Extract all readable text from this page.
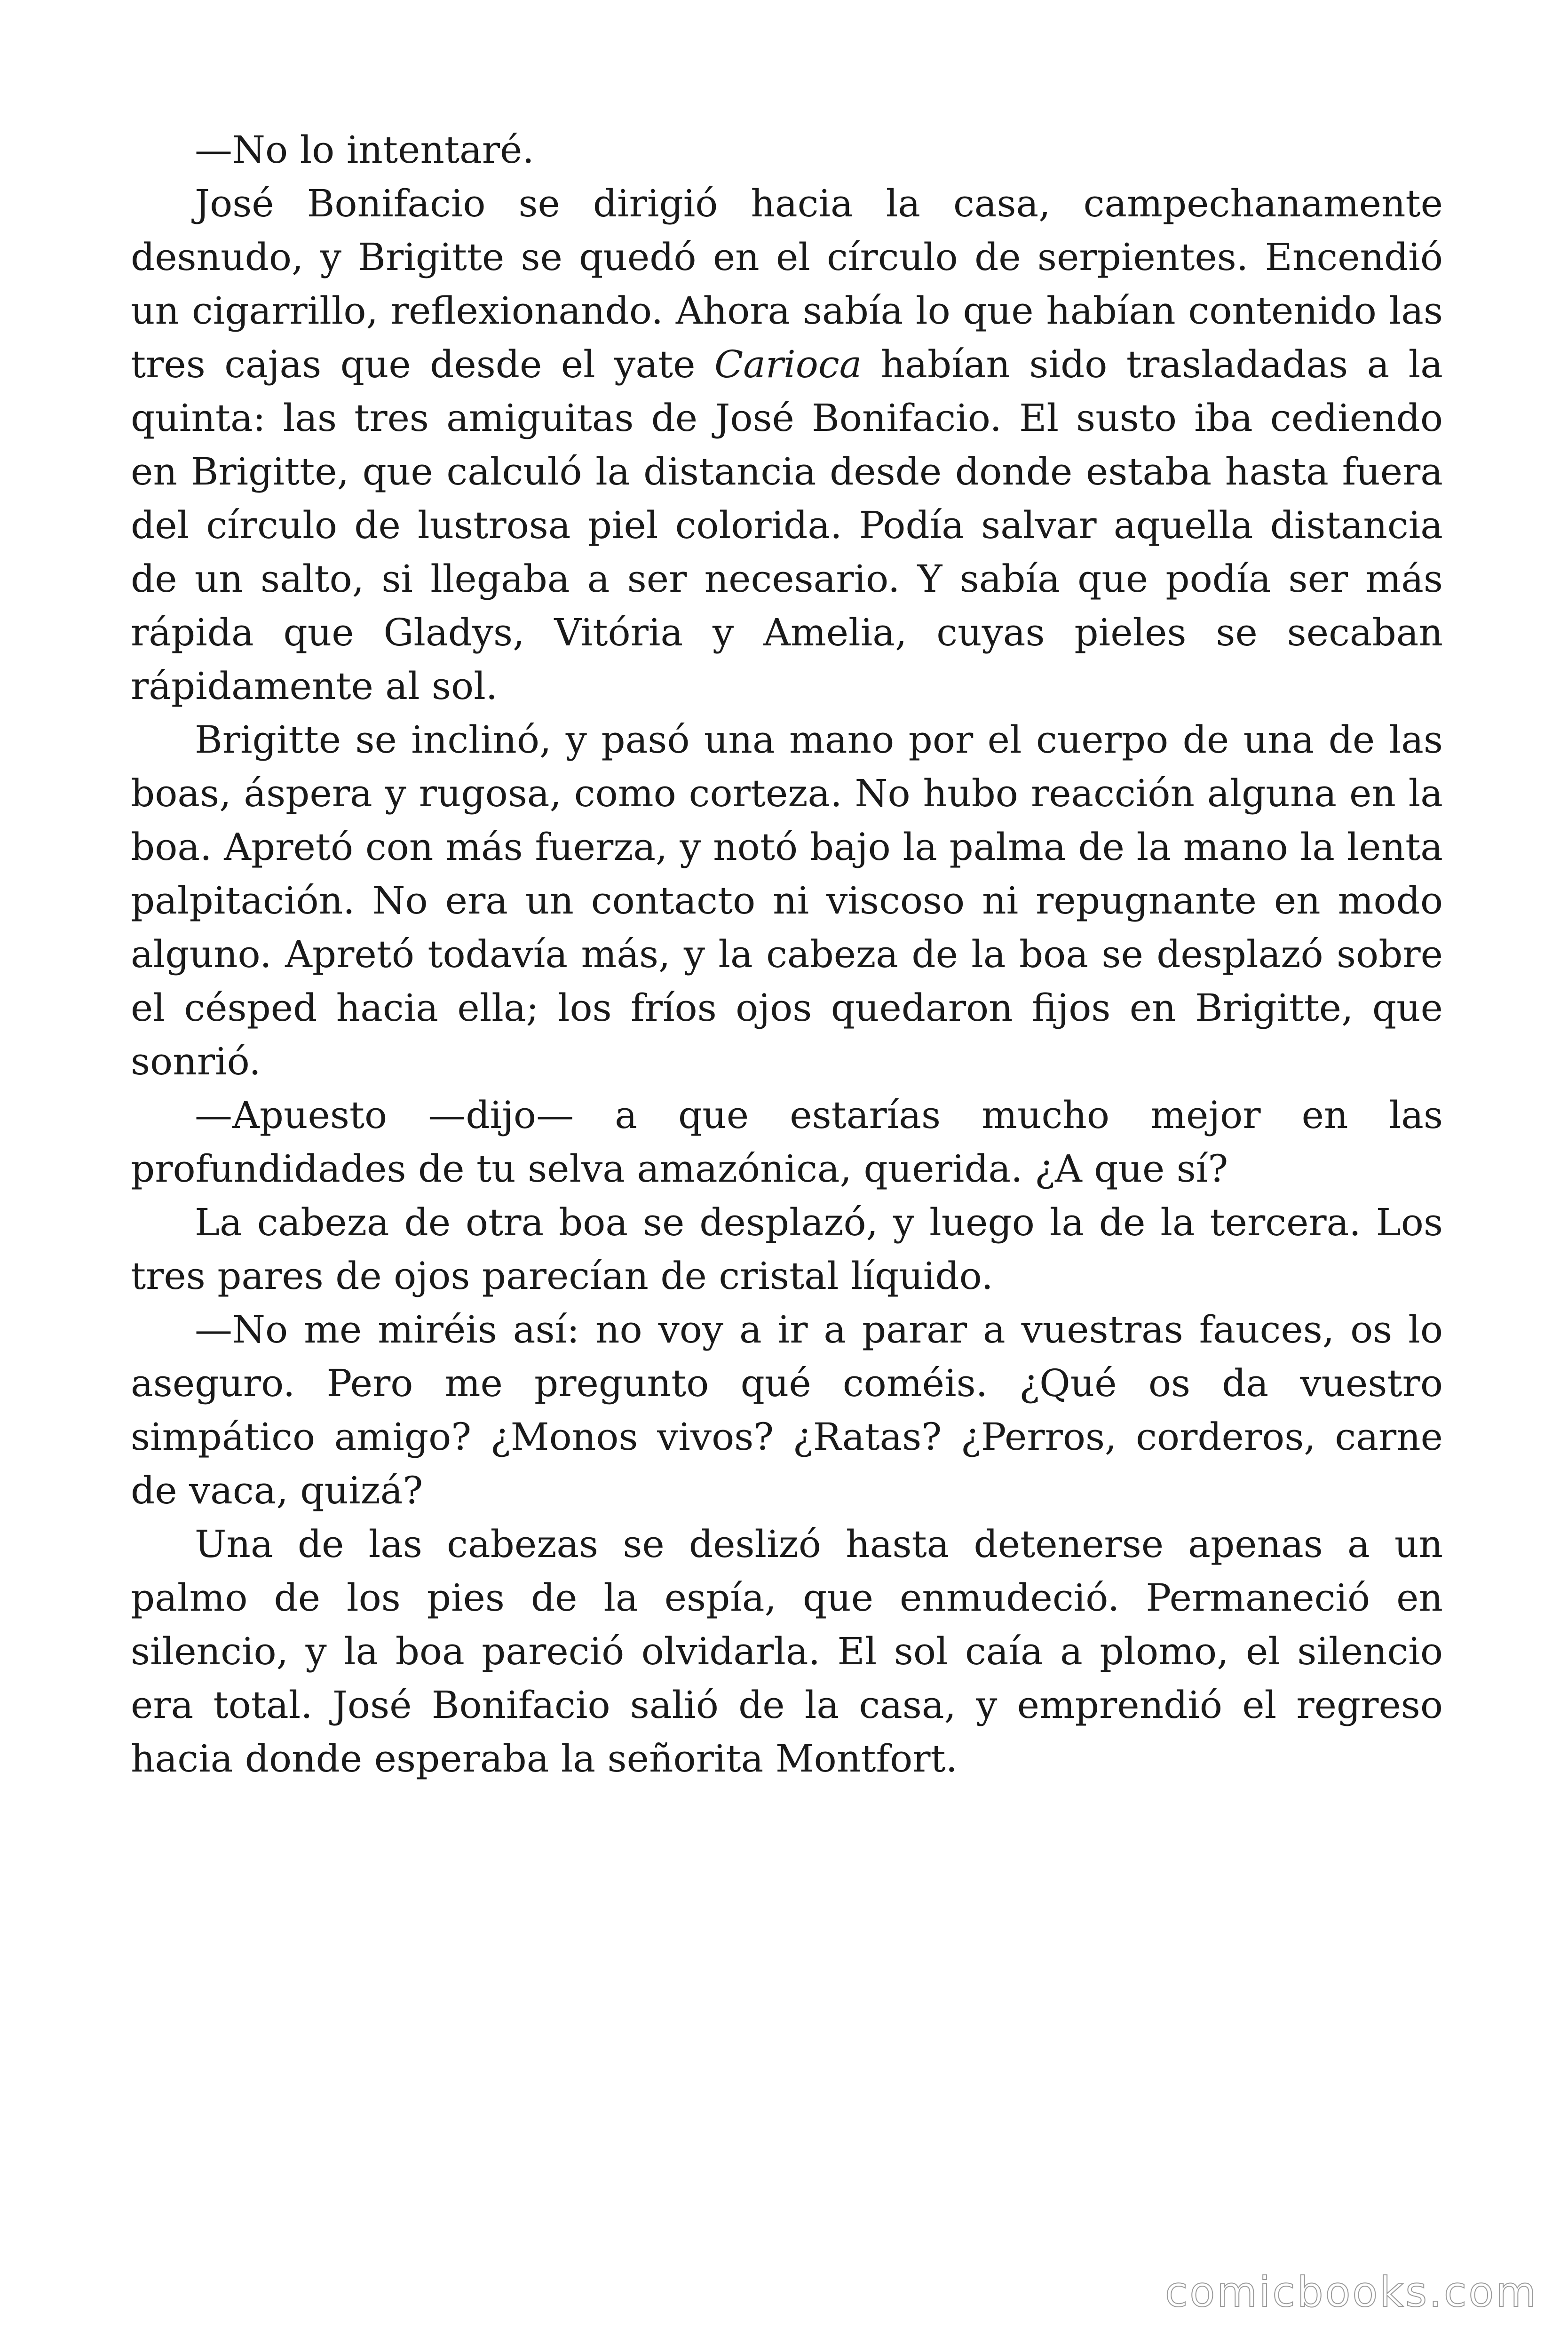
—No lo intentaré.

José Bonifacio se dirigió hacia la casa, campechanamente desnudo, y Brigitte se quedó en el círculo de serpientes. Encendió un cigarrillo, reflexionando. Ahora sabía lo que habían contenido las tres cajas que desde el yate Carioca habían sido trasladadas a la quinta: las tres amiguitas de José Bonifacio. El susto iba cediendo en Brigitte, que calculó la distancia desde donde estaba hasta fuera del círculo de lustrosa piel colorida. Podía salvar aquella distancia de un salto, si llegaba a ser necesario. Y sabía que podía ser más rápida que Gladys, Vitória y Amelia, cuyas pieles se secaban rápidamente al sol.

Brigitte se inclinó, y pasó una mano por el cuerpo de una de las boas, áspera y rugosa, como corteza. No hubo reacción alguna en la boa. Apretó con más fuerza, y notó bajo la palma de la mano la lenta palpitación. No era un contacto ni viscoso ni repugnante en modo alguno. Apretó todavía más, y la cabeza de la boa se desplazó sobre el césped hacia ella; los fríos ojos quedaron fijos en Brigitte, que sonrió.

—Apuesto —dijo— a que estarías mucho mejor en las profundidades de tu selva amazónica, querida. ¿A que sí?

La cabeza de otra boa se desplazó, y luego la de la tercera. Los tres pares de ojos parecían de cristal líquido.

—No me miréis así: no voy a ir a parar a vuestras fauces, os lo aseguro. Pero me pregunto qué coméis. ¿Qué os da vuestro simpático amigo? ¿Monos vivos? ¿Ratas? ¿Perros, corderos, carne de vaca, quizá?

Una de las cabezas se deslizó hasta detenerse apenas a un palmo de los pies de la espía, que enmudeció. Permaneció en silencio, y la boa pareció olvidarla. El sol caía a plomo, el silencio era total. José Bonifacio salió de la casa, y emprendió el regreso hacia donde esperaba la señorita Montfort.

comicbooks.com
